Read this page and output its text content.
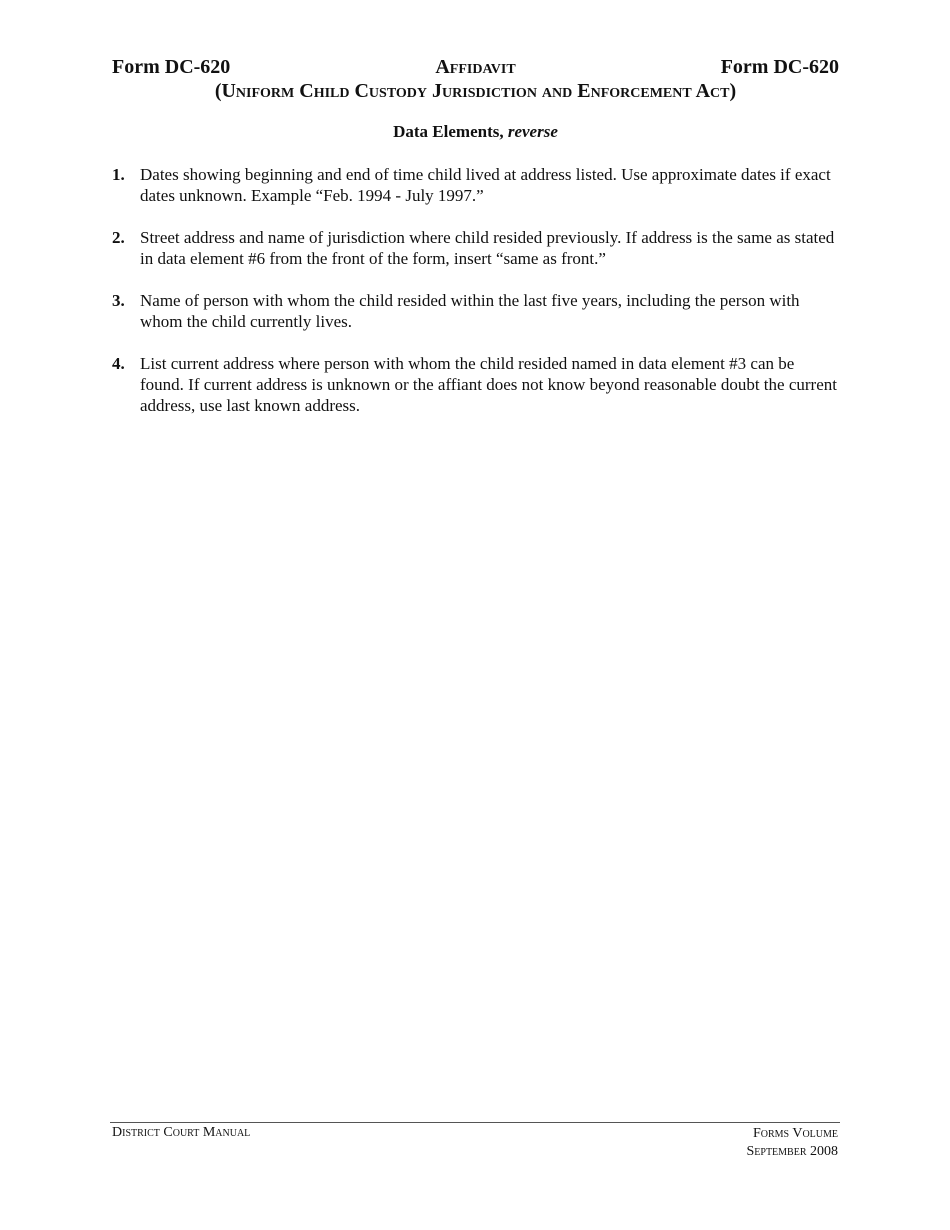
Form DC-620	Affidavit	Form DC-620
(Uniform Child Custody Jurisdiction and Enforcement Act)
Data Elements, reverse
1. Dates showing beginning and end of time child lived at address listed. Use approximate dates if exact dates unknown. Example “Feb. 1994 - July 1997.”
2. Street address and name of jurisdiction where child resided previously. If address is the same as stated in data element #6 from the front of the form, insert “same as front.”
3. Name of person with whom the child resided within the last five years, including the person with whom the child currently lives.
4. List current address where person with whom the child resided named in data element #3 can be found. If current address is unknown or the affiant does not know beyond reasonable doubt the current address, use last known address.
District Court Manual	Forms Volume
September 2008
